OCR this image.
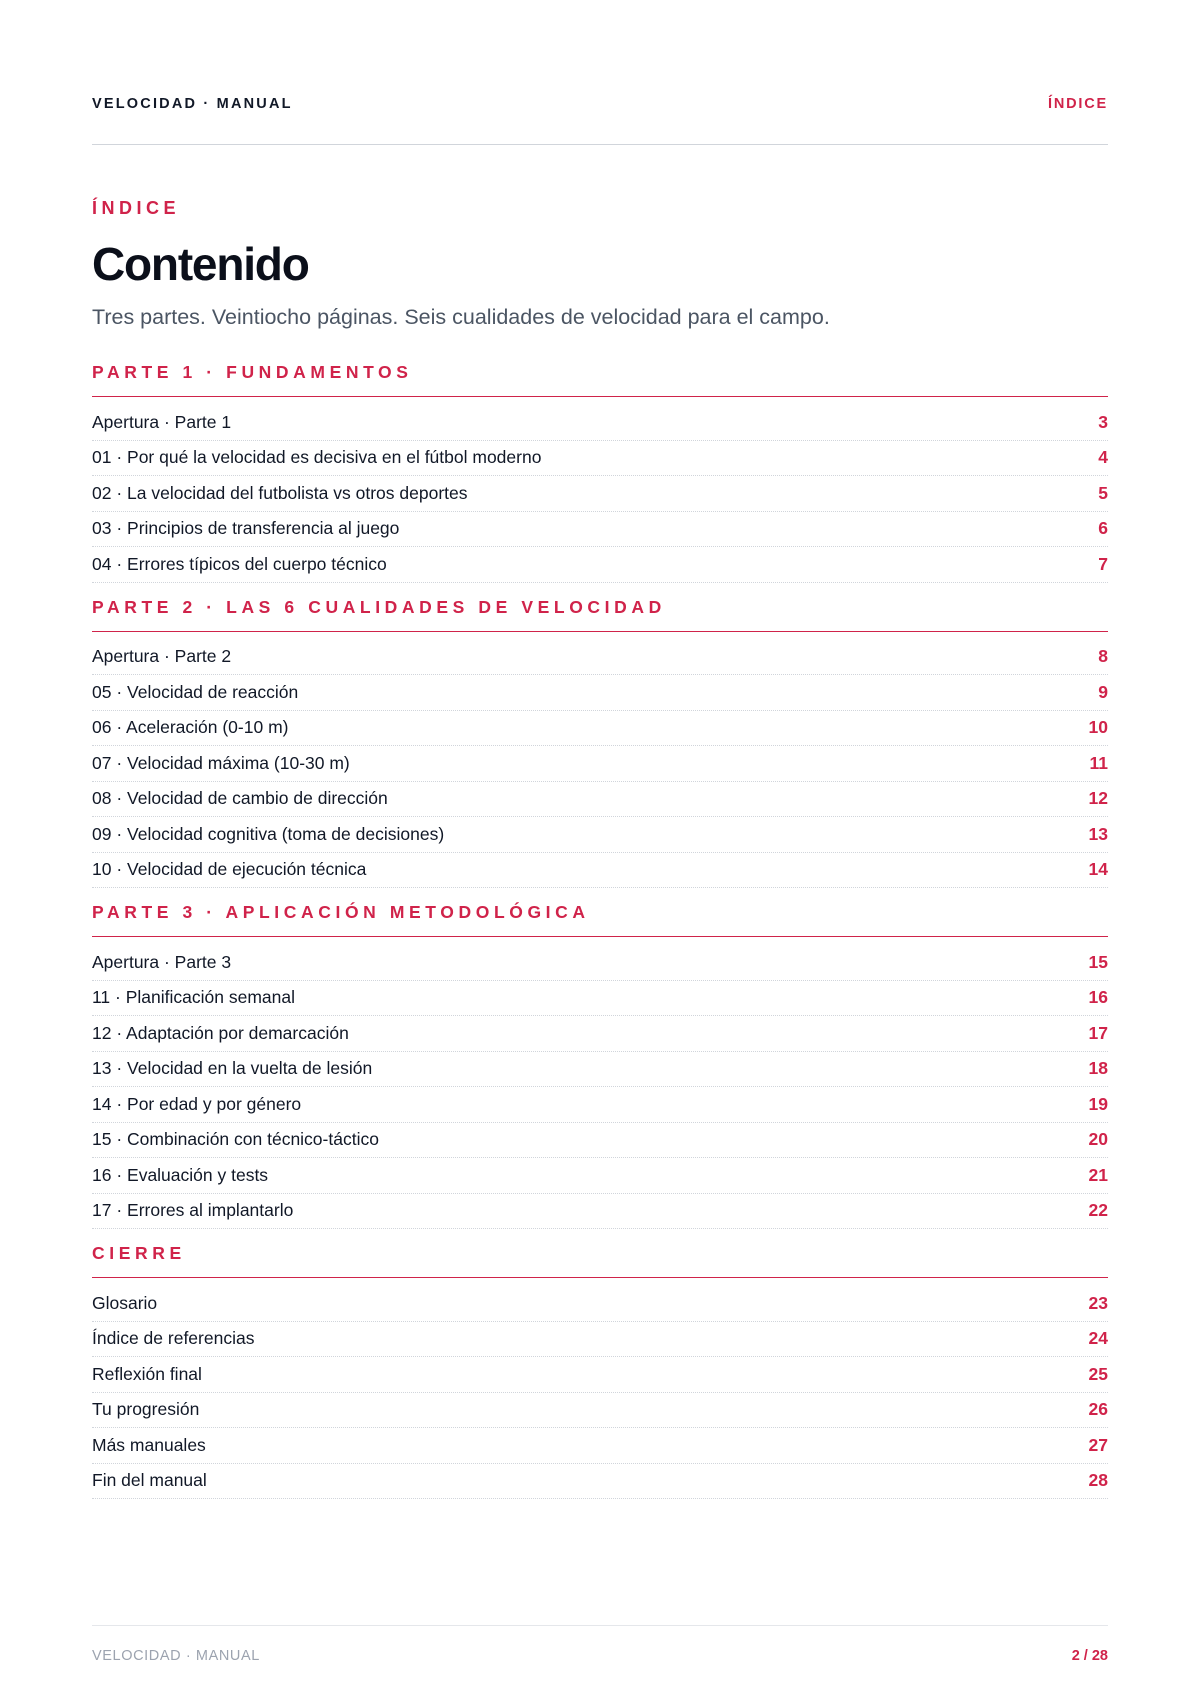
VELOCIDAD · MANUAL	ÍNDICE
ÍNDICE
Contenido

Tres partes. Veintiocho páginas. Seis cualidades de velocidad para el campo.

PARTE 1 · FUNDAMENTOS
Apertura · Parte 1	3
01 · Por qué la velocidad es decisiva en el fútbol moderno	4
02 · La velocidad del futbolista vs otros deportes	5
03 · Principios de transferencia al juego	6
04 · Errores típicos del cuerpo técnico	7
PARTE 2 · LAS 6 CUALIDADES DE VELOCIDAD
Apertura · Parte 2	8
05 · Velocidad de reacción	9
06 · Aceleración (0-10 m)	10
07 · Velocidad máxima (10-30 m)	11
08 · Velocidad de cambio de dirección	12
09 · Velocidad cognitiva (toma de decisiones)	13
10 · Velocidad de ejecución técnica	14
PARTE 3 · APLICACIÓN METODOLÓGICA
Apertura · Parte 3	15
11 · Planificación semanal	16
12 · Adaptación por demarcación	17
13 · Velocidad en la vuelta de lesión	18
14 · Por edad y por género	19
15 · Combinación con técnico-táctico	20
16 · Evaluación y tests	21
17 · Errores al implantarlo	22
CIERRE
Glosario	23
Índice de referencias	24
Reflexión final	25
Tu progresión	26
Más manuales	27
Fin del manual	28
VELOCIDAD · MANUAL	2 / 28
